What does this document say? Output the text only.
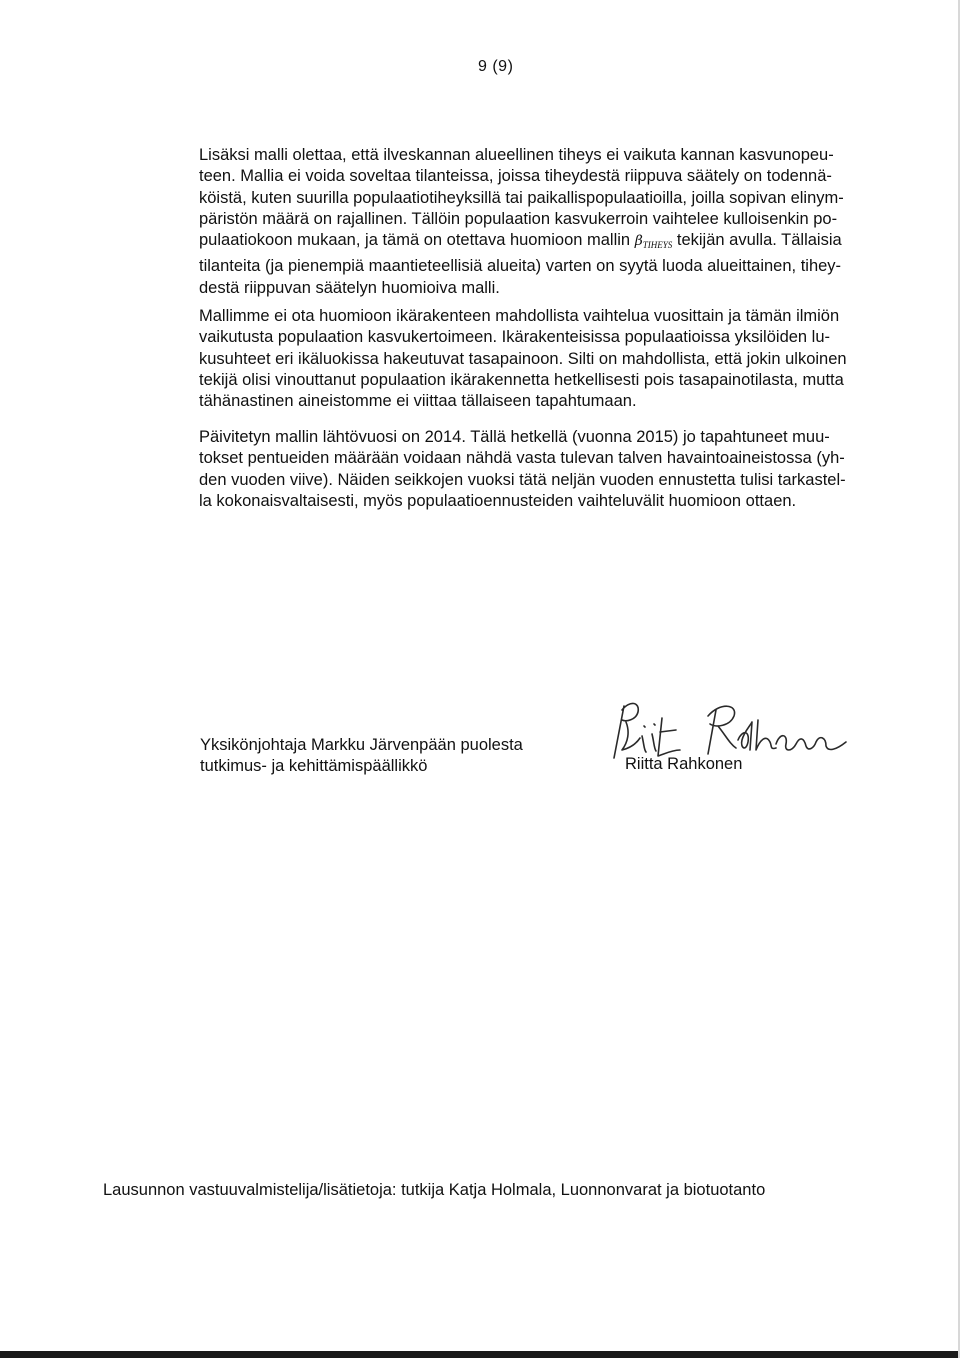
9 (9)

Lisäksi malli olettaa, että ilveskannan alueellinen tiheys ei vaikuta kannan kasvunopeu-
teen. Mallia ei voida soveltaa tilanteissa, joissa tiheydestä riippuva säätely on todennä-
köistä, kuten suurilla populaatiotiheyksillä tai paikallispopulaatioilla, joilla sopivan elinym-
päristön määrä on rajallinen. Tällöin populaation kasvukerroin vaihtelee kulloisenkin po-
pulaatiokoon mukaan, ja tämä on otettava huomioon mallin βTIHEYS tekijän avulla. Tällaisia
tilanteita (ja pienempiä maantieteellisiä alueita) varten on syytä luoda alueittainen, tihey-
destä riippuvan säätelyn huomioiva malli.

Mallimme ei ota huomioon ikärakenteen mahdollista vaihtelua vuosittain ja tämän ilmiön
vaikutusta populaation kasvukertoimeen. Ikärakenteisissa populaatioissa yksilöiden lu-
kusuhteet eri ikäluokissa hakeutuvat tasapainoon. Silti on mahdollista, että jokin ulkoinen
tekijä olisi vinouttanut populaation ikärakennetta hetkellisesti pois tasapainotilasta, mutta
tähänastinen aineistomme ei viittaa tällaiseen tapahtumaan.

Päivitetyn mallin lähtövuosi on 2014. Tällä hetkellä (vuonna 2015) jo tapahtuneet muu-
tokset pentueiden määrään voidaan nähdä vasta tulevan talven havaintoaineistossa (yh-
den vuoden viive). Näiden seikkojen vuoksi tätä neljän vuoden ennustetta tulisi tarkastel-
la kokonaisvaltaisesti, myös populaatioennusteiden vaihteluvälit huomioon ottaen.

Yksikönjohtaja Markku Järvenpään puolesta
tutkimus- ja kehittämispäällikkö	Riitta Rahkonen
Lausunnon vastuuvalmistelija/lisätietoja: tutkija Katja Holmala, Luonnonvarat ja biotuotanto
